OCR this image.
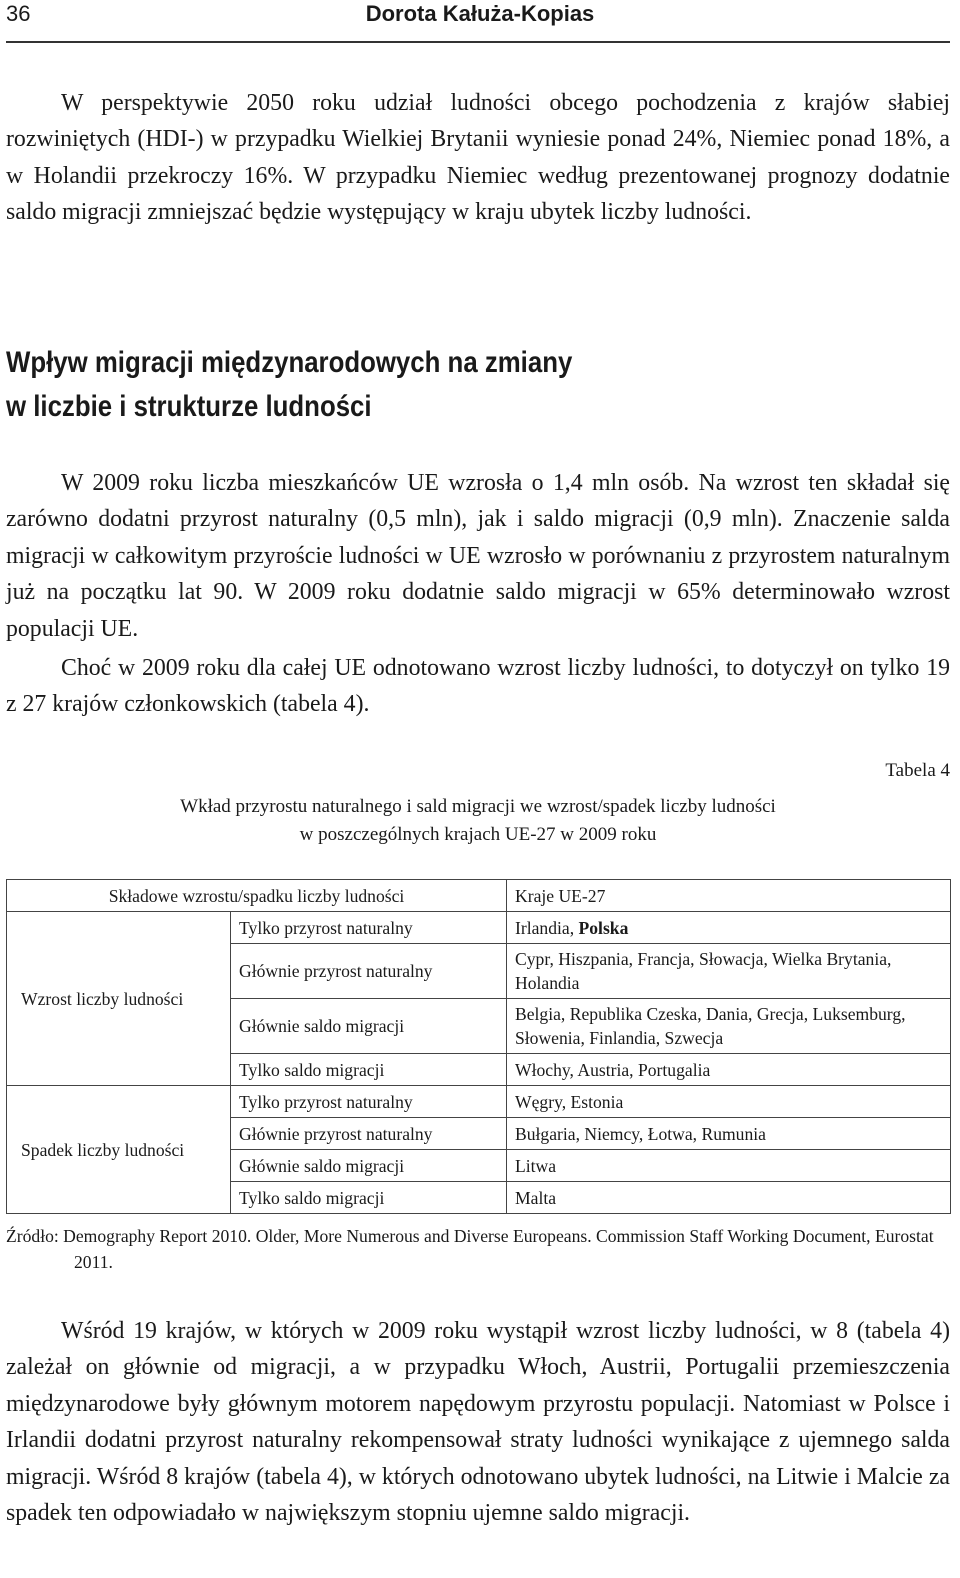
36	Dorota Kałuża-Kopias

W perspektywie 2050 roku udział ludności obcego pochodzenia z krajów słabiej rozwiniętych (HDI-) w przypadku Wielkiej Brytanii wyniesie ponad 24%, Niemiec ponad 18%, a w Holandii przekroczy 16%. W przypadku Niemiec według prezentowanej prognozy dodatnie saldo migracji zmniejszać będzie występujący w kraju ubytek liczby ludności.

Wpływ migracji międzynarodowych na zmiany
w liczbie i strukturze ludności

W 2009 roku liczba mieszkańców UE wzrosła o 1,4 mln osób. Na wzrost ten składał się zarówno dodatni przyrost naturalny (0,5 mln), jak i saldo migracji (0,9 mln). Znaczenie salda migracji w całkowitym przyroście ludności w UE wzrosło w porównaniu z przyrostem naturalnym już na początku lat 90. W 2009 roku dodatnie saldo migracji w 65% determinowało wzrost populacji UE.

Choć w 2009 roku dla całej UE odnotowano wzrost liczby ludności, to dotyczył on tylko 19 z 27 krajów członkowskich (tabela 4).

Tabela 4

Wkład przyrostu naturalnego i sald migracji we wzrost/spadek liczby ludności
w poszczególnych krajach UE-27 w 2009 roku

Składowe wzrostu/spadku liczby ludności		Kraje UE-27
Wzrost liczby ludności	Tylko przyrost naturalny	Irlandia, Polska
	Głównie przyrost naturalny	Cypr, Hiszpania, Francja, Słowacja, Wielka Brytania, Holandia
	Głównie saldo migracji	Belgia, Republika Czeska, Dania, Grecja, Luksemburg, Słowenia, Finlandia, Szwecja
	Tylko saldo migracji	Włochy, Austria, Portugalia
Spadek liczby ludności	Tylko przyrost naturalny	Węgry, Estonia
	Głównie przyrost naturalny	Bułgaria, Niemcy, Łotwa, Rumunia
	Głównie saldo migracji	Litwa
	Tylko saldo migracji	Malta

Źródło: Demography Report 2010. Older, More Numerous and Diverse Europeans. Commission Staff Working Document, Eurostat 2011.

Wśród 19 krajów, w których w 2009 roku wystąpił wzrost liczby ludności, w 8 (tabela 4) zależał on głównie od migracji, a w przypadku Włoch, Austrii, Portugalii przemieszczenia międzynarodowe były głównym motorem napędowym przyrostu populacji. Natomiast w Polsce i Irlandii dodatni przyrost naturalny rekompensował straty ludności wynikające z ujemnego salda migracji. Wśród 8 krajów (tabela 4), w których odnotowano ubytek ludności, na Litwie i Malcie za spadek ten odpowiadało w największym stopniu ujemne saldo migracji.
